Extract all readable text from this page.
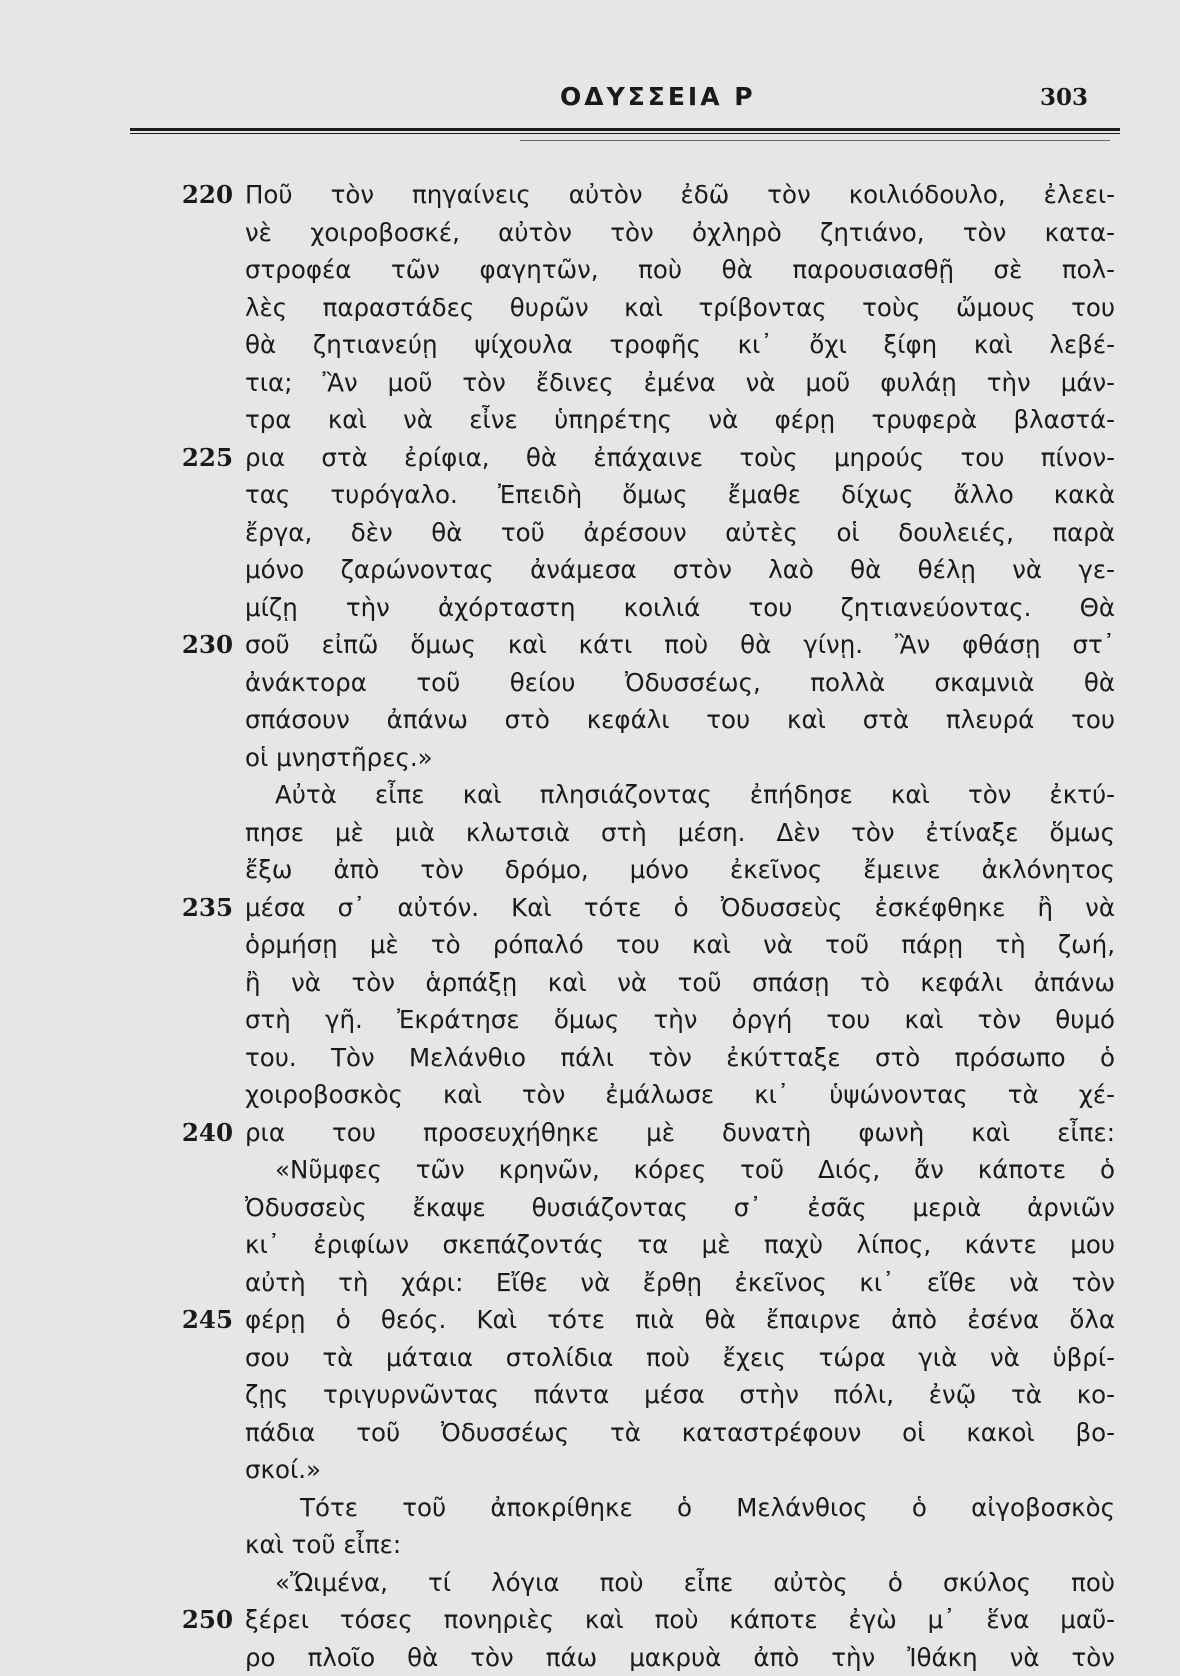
ΟΔΥΣΣΕΙΑ Ρ	303
220 Ποῦ τὸν πηγαίνεις αὐτὸν ἐδῶ τὸν κοιλιόδουλο, ἐλεει-
νὲ χοιροβοσκέ, αὐτὸν τὸν ὀχληρὸ ζητιάνο, τὸν κατα-
στροφέα τῶν φαγητῶν, ποὺ θὰ παρουσιασθῇ σὲ πολ-
λὲς παραστάδες θυρῶν καὶ τρίβοντας τοὺς ὤμους του
θὰ ζητιανεύῃ ψίχουλα τροφῆς κι᾽ ὄχι ξίφη καὶ λεβέ-
τια; Ἂν μοῦ τὸν ἔδινες ἐμένα νὰ μοῦ φυλάῃ τὴν μάν-
τρα καὶ νὰ εἶνε ὑπηρέτης νὰ φέρῃ τρυφερὰ βλαστά-
225 ρια στὰ ἐρίφια, θὰ ἐπάχαινε τοὺς μηρούς του πίνον-
τας τυρόγαλο. Ἐπειδὴ ὅμως ἔμαθε δίχως ἄλλο κακὰ
ἔργα, δὲν θὰ τοῦ ἀρέσουν αὐτὲς οἱ δουλειές, παρὰ
μόνο ζαρώνοντας ἀνάμεσα στὸν λαὸ θὰ θέλῃ νὰ γε-
μίζῃ τὴν ἀχόρταστη κοιλιά του ζητιανεύοντας. Θὰ
230 σοῦ εἰπῶ ὅμως καὶ κάτι ποὺ θὰ γίνῃ. Ἂν φθάσῃ στ᾽
ἀνάκτορα τοῦ θείου Ὀδυσσέως, πολλὰ σκαμνιὰ θὰ
σπάσουν ἀπάνω στὸ κεφάλι του καὶ στὰ πλευρά του
οἱ μνηστῆρες.»
Αὐτὰ εἶπε καὶ πλησιάζοντας ἐπήδησε καὶ τὸν ἐκτύ-
πησε μὲ μιὰ κλωτσιὰ στὴ μέση. Δὲν τὸν ἐτίναξε ὅμως
ἔξω ἀπὸ τὸν δρόμο, μόνο ἐκεῖνος ἔμεινε ἀκλόνητος
235 μέσα σ᾽ αὐτόν. Καὶ τότε ὁ Ὀδυσσεὺς ἐσκέφθηκε ἢ νὰ
ὁρμήσῃ μὲ τὸ ρόπαλό του καὶ νὰ τοῦ πάρῃ τὴ ζωή,
ἢ νὰ τὸν ἁρπάξῃ καὶ νὰ τοῦ σπάσῃ τὸ κεφάλι ἀπάνω
στὴ γῆ. Ἐκράτησε ὅμως τὴν ὀργή του καὶ τὸν θυμό
του. Τὸν Μελάνθιο πάλι τὸν ἐκύτταξε στὸ πρόσωπο ὁ
χοιροβοσκὸς καὶ τὸν ἐμάλωσε κι᾽ ὑψώνοντας τὰ χέ-
240 ρια του προσευχήθηκε μὲ δυνατὴ φωνὴ καὶ εἶπε:
«Νῦμφες τῶν κρηνῶν, κόρες τοῦ Διός, ἄν κάποτε ὁ
Ὀδυσσεὺς ἔκαψε θυσιάζοντας σ᾽ ἐσᾶς μεριὰ ἀρνιῶν
κι᾽ ἐριφίων σκεπάζοντάς τα μὲ παχὺ λίπος, κάντε μου
αὐτὴ τὴ χάρι: Εἴθε νὰ ἔρθῃ ἐκεῖνος κι᾽ εἴθε νὰ τὸν
245 φέρῃ ὁ θεός. Καὶ τότε πιὰ θὰ ἔπαιρνε ἀπὸ ἐσένα ὅλα
σου τὰ μάταια στολίδια ποὺ ἔχεις τώρα γιὰ νὰ ὑβρί-
ζῃς τριγυρνῶντας πάντα μέσα στὴν πόλι, ἐνῷ τὰ κο-
πάδια τοῦ Ὀδυσσέως τὰ καταστρέφουν οἱ κακοὶ βο-
σκοί.»
Τότε τοῦ ἀποκρίθηκε ὁ Μελάνθιος ὁ αἰγοβοσκὸς
καὶ τοῦ εἶπε:
«Ὤιμένα, τί λόγια ποὺ εἶπε αὐτὸς ὁ σκύλος ποὺ
250 ξέρει τόσες πονηριὲς καὶ ποὺ κάποτε ἐγὼ μ᾽ ἕνα μαῦ-
ρο πλοῖο θὰ τὸν πάω μακρυὰ ἀπὸ τὴν Ἰθάκη νὰ τὸν
